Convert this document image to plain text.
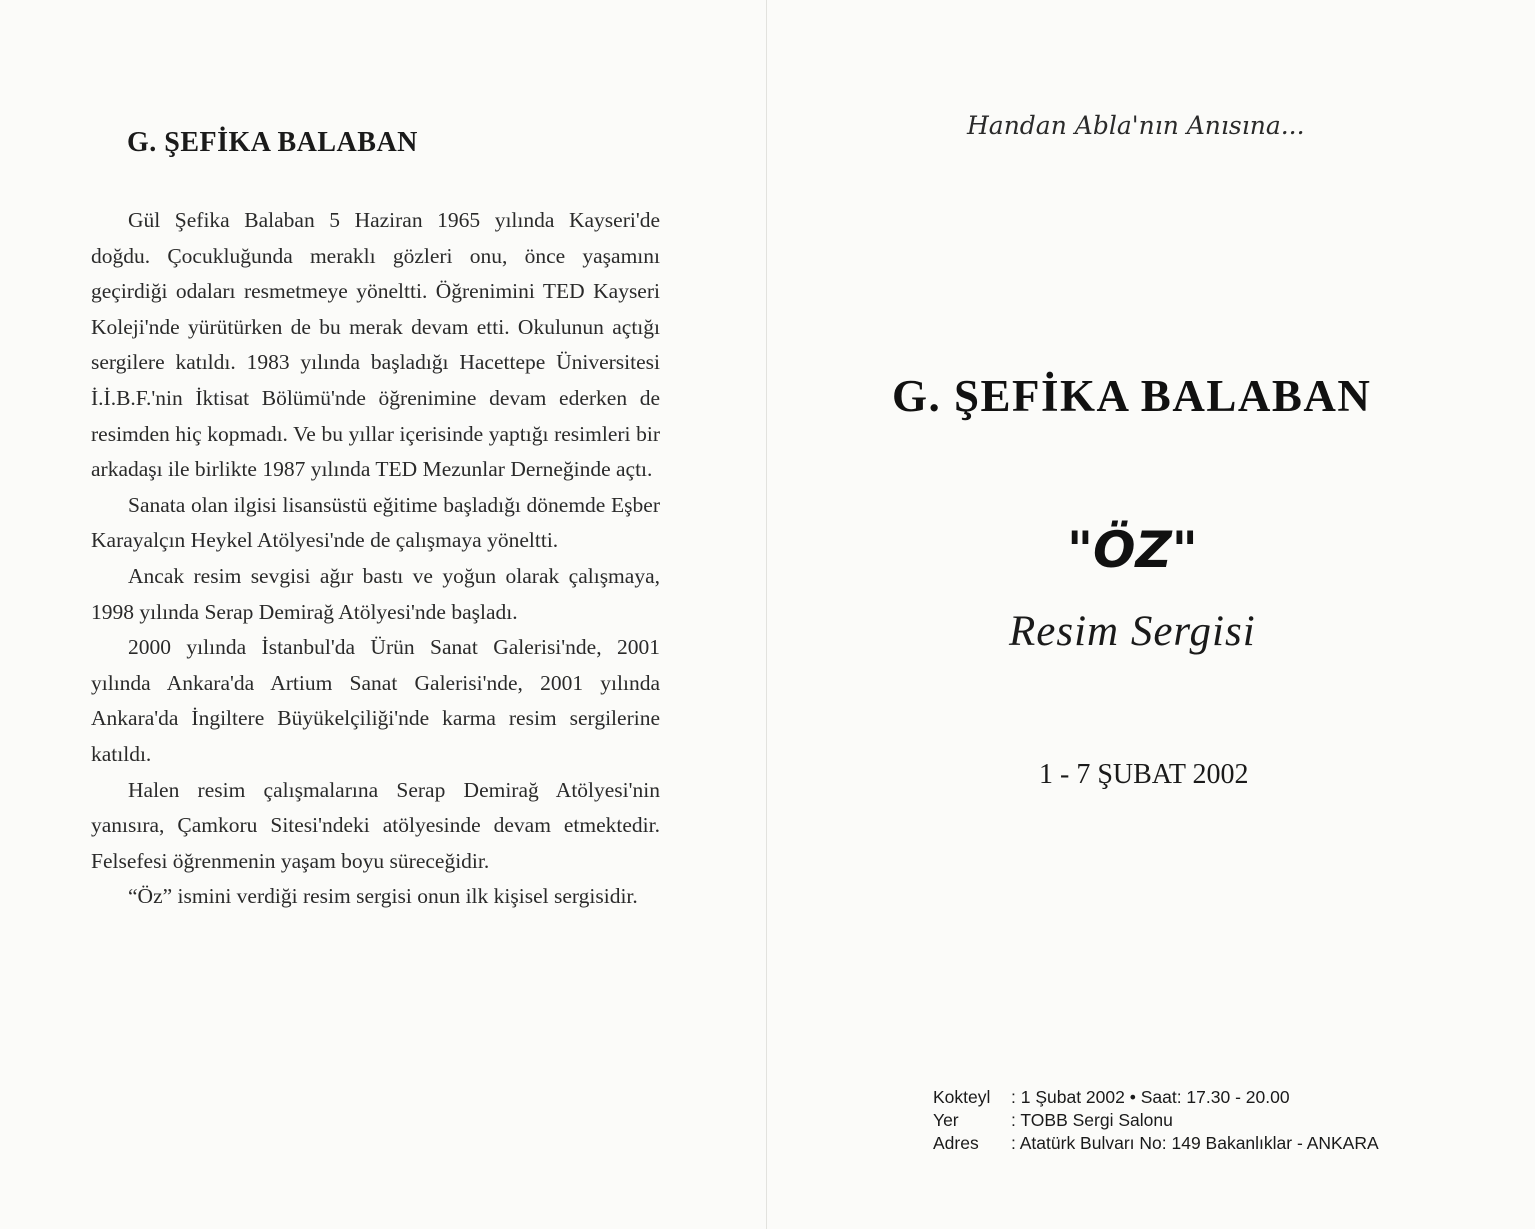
G. ŞEFİKA BALABAN

Gül Şefika Balaban 5 Haziran 1965 yılında Kayseri'de doğdu. Çocukluğunda meraklı gözleri onu, önce yaşamını geçirdiği odaları resmetmeye yöneltti. Öğrenimini TED Kayseri Koleji'nde yürütürken de bu merak devam etti. Okulunun açtığı sergilere katıldı. 1983 yılında başladığı Hacettepe Üniversitesi İ.İ.B.F.'nin İktisat Bölümü'nde öğrenimine devam ederken de resimden hiç kopmadı. Ve bu yıllar içerisinde yaptığı resimleri bir arkadaşı ile birlikte 1987 yılında TED Mezunlar Derneğinde açtı.

Sanata olan ilgisi lisansüstü eğitime başladığı dönemde Eşber Karayalçın Heykel Atölyesi'nde de çalışmaya yöneltti.

Ancak resim sevgisi ağır bastı ve yoğun olarak çalışmaya, 1998 yılında Serap Demirağ Atölyesi'nde başladı.

2000 yılında İstanbul'da Ürün Sanat Galerisi'nde, 2001 yılında Ankara'da Artium Sanat Galerisi'nde, 2001 yılında Ankara'da İngiltere Büyükelçiliği'nde karma resim sergilerine katıldı.

Halen resim çalışmalarına Serap Demirağ Atölyesi'nin yanısıra, Çamkoru Sitesi'ndeki atölyesinde devam etmektedir. Felsefesi öğrenmenin yaşam boyu süreceğidir.

“Öz” ismini verdiği resim sergisi onun ilk kişisel sergisidir.

Handan Abla'nın Anısına...
G. ŞEFİKA BALABAN
"ÖZ"
Resim Sergisi
1 - 7 ŞUBAT 2002
Kokteyl	: 1 Şubat 2002 • Saat: 17.30 - 20.00
Yer	: TOBB Sergi Salonu
Adres	: Atatürk Bulvarı No: 149 Bakanlıklar - ANKARA
